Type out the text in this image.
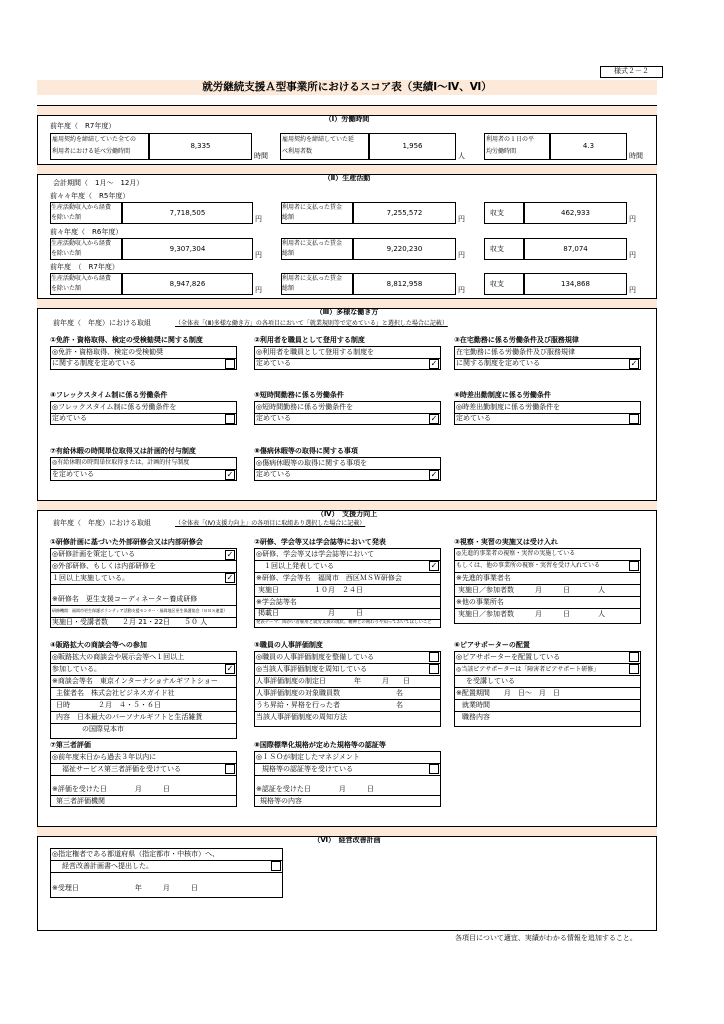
様式２－２
就労継続支援Ａ型事業所におけるスコア表（実績Ⅰ～Ⅳ、Ⅵ）
（Ⅰ）労働時間
前年度（　R7年度）
雇用契約を締結していた全ての
利用者における延べ労働時間
8,335
時間
雇用契約を締結していた延
べ利用者数
1,956
人
利用者の１日の平
均労働時間
4.3
時間
（Ⅱ）生産活動
会計期間（　1月～　12月）
前々々年度（　R5年度）
前々年度（　R6年度）
前年度　（　R7年度）
生産活動収入から経費
を除いた額
7,718,505
円
利用者に支払った賃金
総額
7,255,572
円
収支	462,933
円
生産活動収入から経費
を除いた額
9,307,304
円
利用者に支払った賃金
総額
9,220,230
円
収支	87,074
円
生産活動収入から経費
を除いた額
8,947,826
円
利用者に支払った賃金
総額
8,812,958
円
収支	134,868
円
（Ⅲ）多様な働き方
前年度（　年度）における取組	（全体表「(Ⅲ)多様な働き方」の各項目において「就業規則等で定めている」と選択した場合に記載）
①免許・資格取得、検定の受検勧奨に関する制度
◎免許・資格取得、検定の受検勧奨
に関する制度を定めている
②利用者を職員として登用する制度
◎利用者を職員として登用する制度を
定めている	✓
③在宅勤務に係る労働条件及び服務規律
在宅勤務に係る労働条件及び服務規律
に関する制度を定めている	✓
④フレックスタイム制に係る労働条件
◎フレックスタイム制に係る労働条件を
定めている
⑤短時間勤務に係る労働条件
◎短時間勤務に係る労働条件を
定めている	✓
⑥時差出勤制度に係る労働条件
◎時差出勤制度に係る労働条件を
定めている
⑦有給休暇の時間単位取得又は計画的付与制度
◎有給休暇の時間単位取得または、計画的付与制度
を定めている	✓
⑧傷病休暇等の取得に関する事項
◎傷病休暇等の取得に関する事項を
定めている	✓
（Ⅳ）　支援力向上
前年度（　年度）における取組	（全体表「(Ⅳ)支援力向上」の各項目に取組あり選択した場合に記載）
①研修計画に基づいた外部研修会又は内部研修会
◎研修計画を策定している
◎外部研修、もしくは内部研修を
１回以上実施している。
✓
✓
※研修名　更生支援コーディネーター養成研修
研修機関：福岡市更生保護ボランティア活動支援センター・福岡地区更生保護協会（ＢＢＳ連盟）
実施日・受講者数　　２月 21・22日　　５０ 人
②研修、学会等又は学会誌等において発表
◎研修、学会等又は学会誌等において
１回以上発表している	✓
※研修、学会等名　福岡市　西区ＭＳＷ研修会
実施日　　　　　１０月　２４日
※学会誌等名
掲載日　　　　　　　月　　　日
発表テーマ：障がい者雇用と就労支援の現状、精神との関わりや知っておいてほしいこと
③視察・実習の実施又は受け入れ
◎先進的事業者の視察・実習の実施している
もしくは、他の事業所の視察・実習を受け入れている
※先進的事業者名
実施日／参加者数　　　月　　　日　　　　人
※他の事業所名
実施日／参加者数　　　月　　　日　　　　人
④販路拡大の商談会等への参加
◎販路拡大の商談会や展示会等へ１回以上
参加している。	✓
※商談会等名　東京インターナショナルギフトショー
主催者名　株式会社ビジネスガイド社
日時　　　　２月　４・５・６日
内容　日本最大のパーソナルギフトと生活雑貨
の国際見本市
⑤職員の人事評価制度
◎職員の人事評価制度を整備している
◎当該人事評価制度を周知している
人事評価制度の制定日　　　　年　　　月　　日
人事評価制度の対象職員数　　　　　　　　名
うち昇給・昇格を行った者　　　　　　　　名
当該人事評価制度の周知方法
⑥ピアサポーターの配置
◎ピアサポーターを配置している
◎当該ピアサポーターは「障害者ピアサポート研修」
を受講している
※配置期間　　月　日～　月　日
就業時間
職務内容
⑦第三者評価
◎前年度末日から過去３年以内に
福祉サービス第三者評価を受けている
※評価を受けた日　　　　月　　　日
第三者評価機関
⑧国際標準化規格が定めた規格等の認証等
◎ＩＳＯが制定したマネジメント
規格等の認証等を受けている
※認証を受けた日　　　　月　　　日
規格等の内容
（Ⅵ）　経営改善計画
◎指定権者である都道府県（指定都市・中核市）へ、
経営改善計画書へ提出した。
※受理日　　　　　　　　年　　　月　　　日
各項目について適宜、実績がわかる情報を追加すること。
